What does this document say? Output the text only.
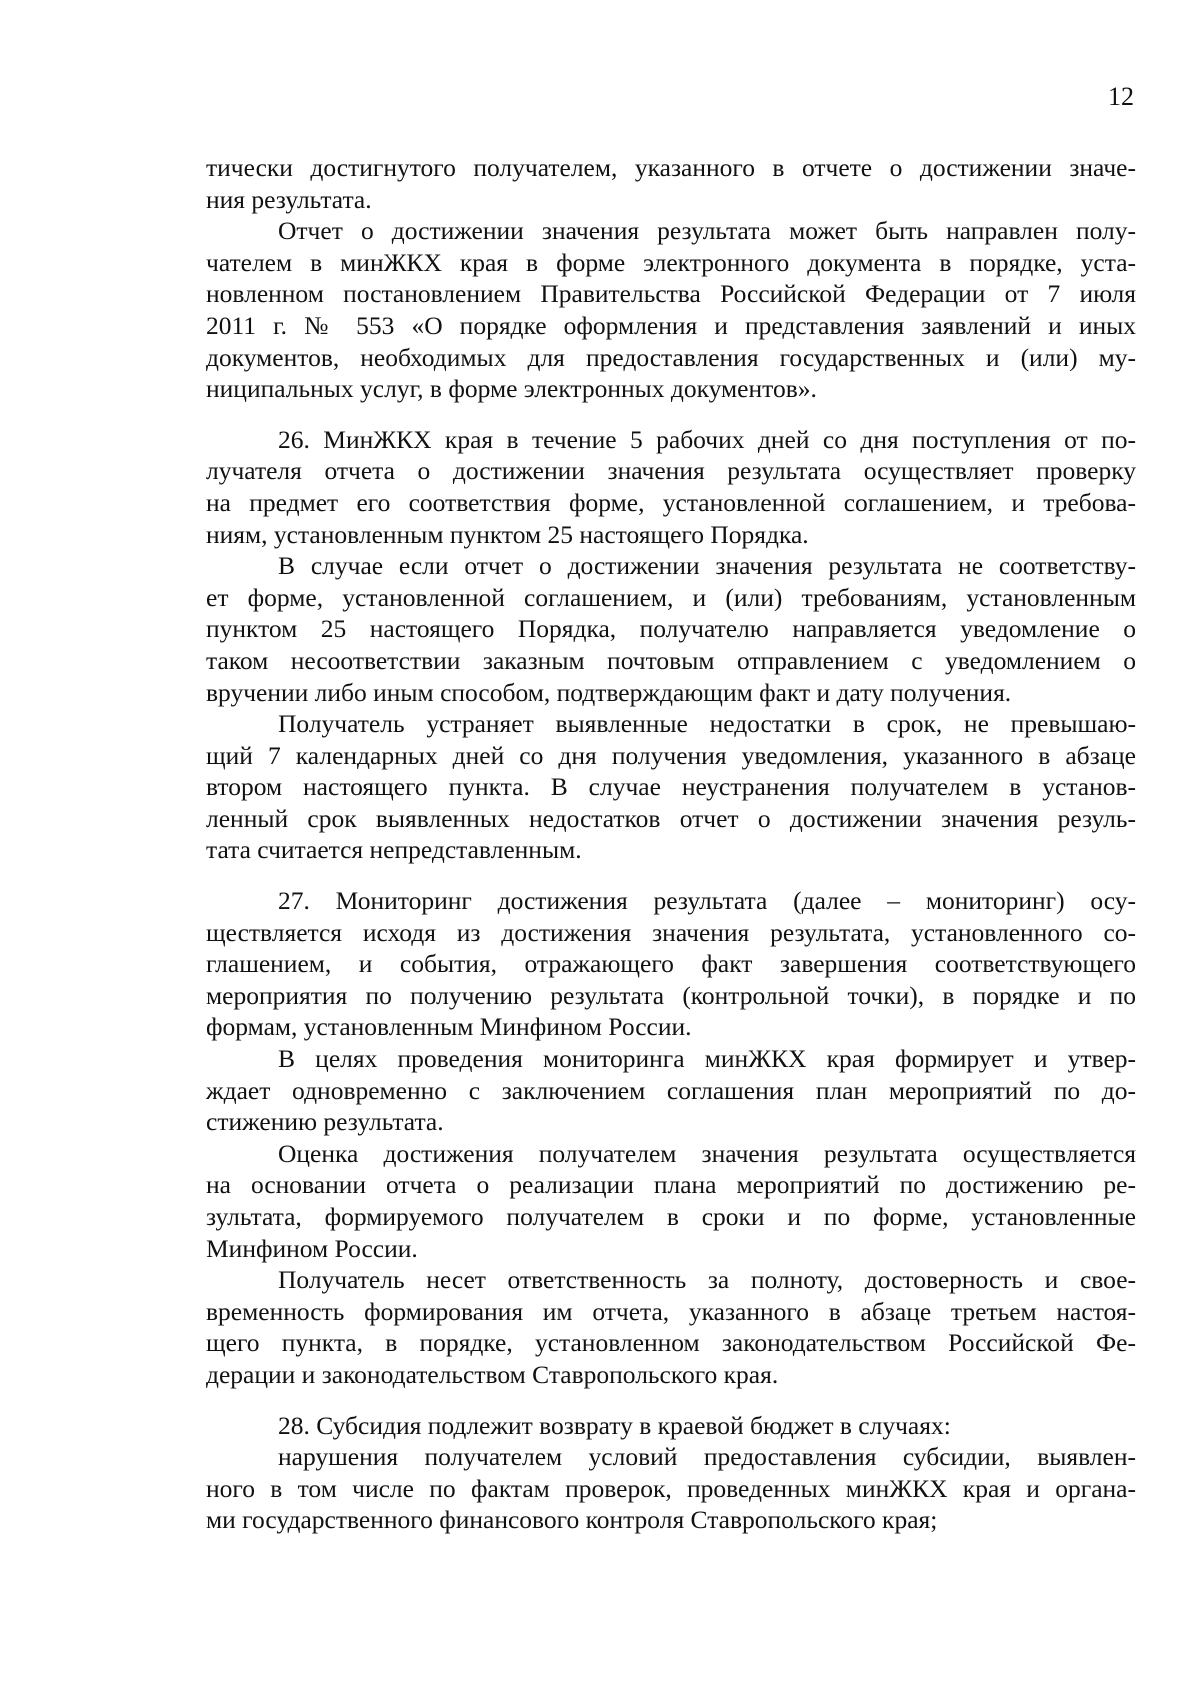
12
тически достигнутого получателем, указанного в отчете о достижении значе-
ния результата.
Отчет о достижении значения результата может быть направлен полу-
чателем в минЖКХ края в форме электронного документа в порядке, уста-
новленном постановлением Правительства Российской Федерации от 7 июля
2011 г. № 553 «О порядке оформления и представления заявлений и иных
документов, необходимых для предоставления государственных и (или) му-
ниципальных услуг, в форме электронных документов».
26. МинЖКХ края в течение 5 рабочих дней со дня поступления от по-
лучателя отчета о достижении значения результата осуществляет проверку
на предмет его соответствия форме, установленной соглашением, и требова-
ниям, установленным пунктом 25 настоящего Порядка.
В случае если отчет о достижении значения результата не соответству-
ет форме, установленной соглашением, и (или) требованиям, установленным
пунктом 25 настоящего Порядка, получателю направляется уведомление о
таком несоответствии заказным почтовым отправлением с уведомлением о
вручении либо иным способом, подтверждающим факт и дату получения.
Получатель устраняет выявленные недостатки в срок, не превышаю-
щий 7 календарных дней со дня получения уведомления, указанного в абзаце
втором настоящего пункта. В случае неустранения получателем в установ-
ленный срок выявленных недостатков отчет о достижении значения резуль-
тата считается непредставленным.
27. Мониторинг достижения результата (далее – мониторинг) осу-
ществляется исходя из достижения значения результата, установленного со-
глашением, и события, отражающего факт завершения соответствующего
мероприятия по получению результата (контрольной точки), в порядке и по
формам, установленным Минфином России.
В целях проведения мониторинга минЖКХ края формирует и утвер-
ждает одновременно с заключением соглашения план мероприятий по до-
стижению результата.
Оценка достижения получателем значения результата осуществляется
на основании отчета о реализации плана мероприятий по достижению ре-
зультата, формируемого получателем в сроки и по форме, установленные
Минфином России.
Получатель несет ответственность за полноту, достоверность и свое-
временность формирования им отчета, указанного в абзаце третьем настоя-
щего пункта, в порядке, установленном законодательством Российской Фе-
дерации и законодательством Ставропольского края.
28. Субсидия подлежит возврату в краевой бюджет в случаях:
нарушения получателем условий предоставления субсидии, выявлен-
ного в том числе по фактам проверок, проведенных минЖКХ края и органа-
ми государственного финансового контроля Ставропольского края;
